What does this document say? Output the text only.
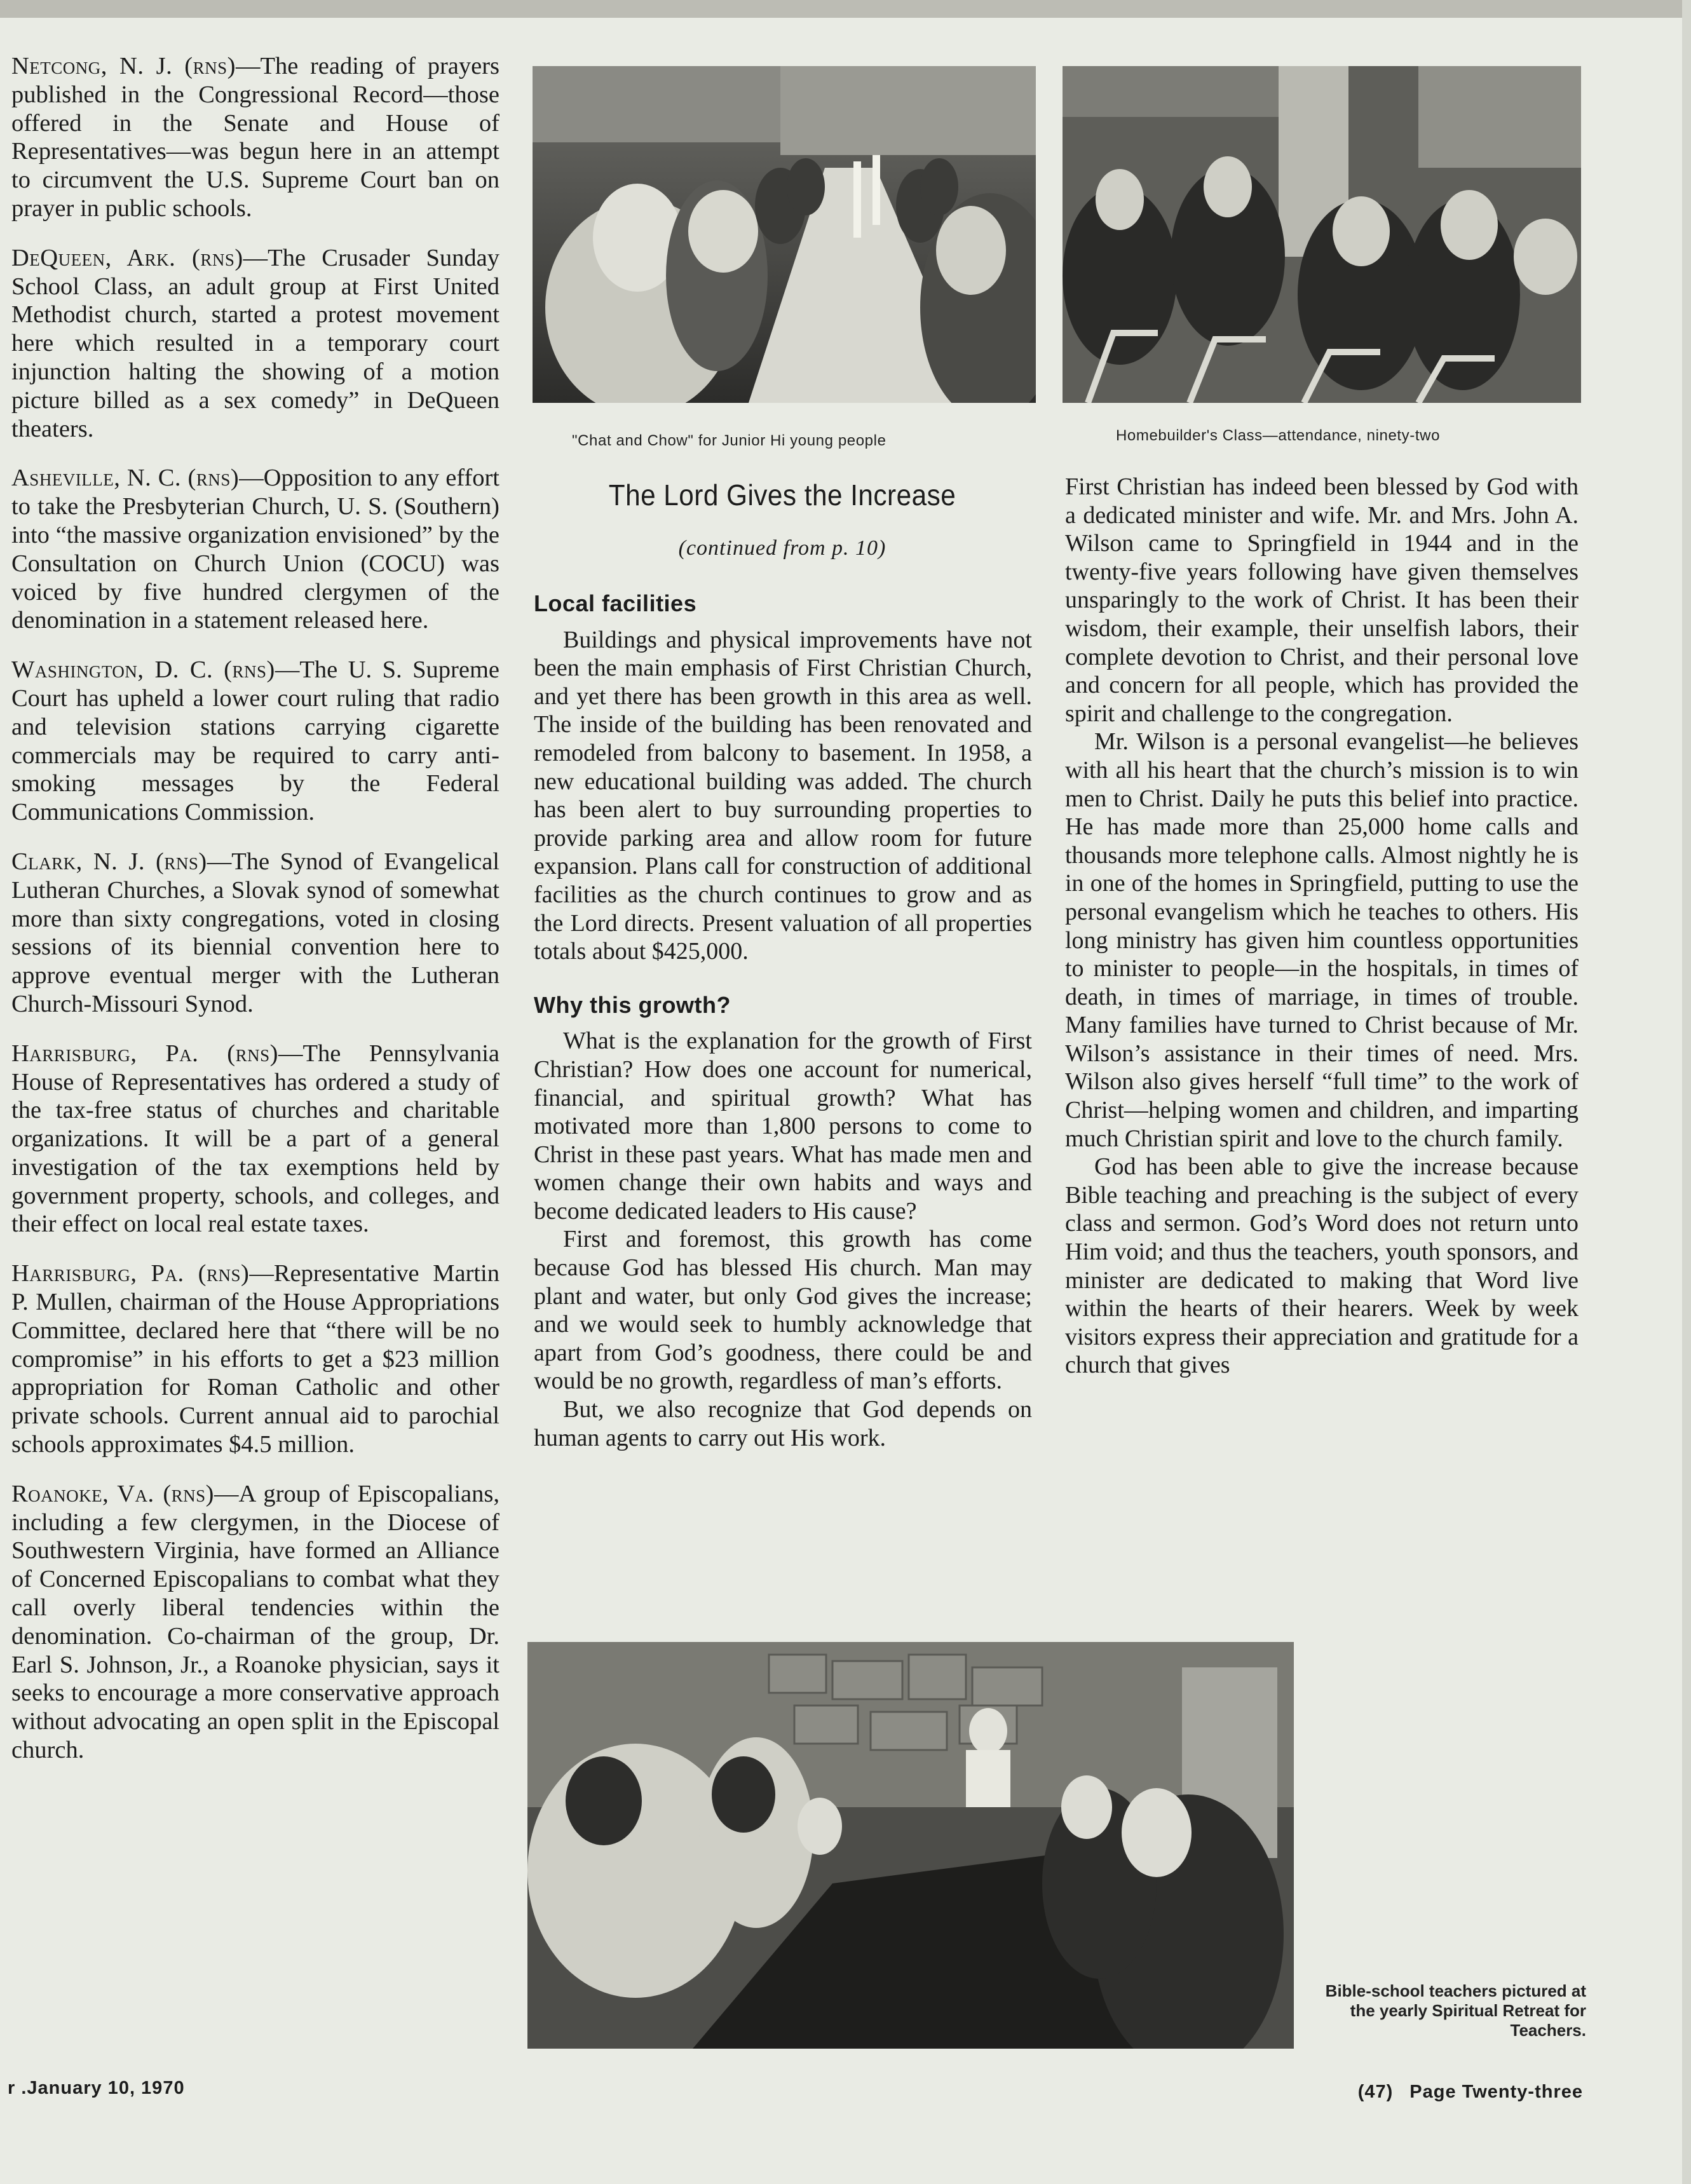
Netcong, N. J. (rns)—The reading of prayers published in the Congressional Record—those offered in the Senate and House of Representatives—was begun here in an attempt to circumvent the U.S. Supreme Court ban on prayer in public schools.

DeQueen, Ark. (rns)—The Crusader Sunday School Class, an adult group at First United Methodist church, started a protest movement here which resulted in a temporary court injunction halting the showing of a motion picture billed as a sex comedy” in DeQueen theaters.

Asheville, N. C. (rns)—Opposition to any effort to take the Presbyterian Church, U. S. (Southern) into “the massive organization envisioned” by the Consultation on Church Union (COCU) was voiced by five hundred clergymen of the denomination in a statement released here.

Washington, D. C. (rns)—The U. S. Supreme Court has upheld a lower court ruling that radio and television stations carrying cigarette commercials may be required to carry anti-smoking messages by the Federal Communications Commission.

Clark, N. J. (rns)—The Synod of Evangelical Lutheran Churches, a Slovak synod of somewhat more than sixty congregations, voted in closing sessions of its biennial convention here to approve eventual merger with the Lutheran Church-Missouri Synod.

Harrisburg, Pa. (rns)—The Pennsylvania House of Representatives has ordered a study of the tax-free status of churches and charitable organizations. It will be a part of a general investigation of the tax exemptions held by government property, schools, and colleges, and their effect on local real estate taxes.

Harrisburg, Pa. (rns)—Representative Martin P. Mullen, chairman of the House Appropriations Committee, declared here that “there will be no compromise” in his efforts to get a $23 million appropriation for Roman Catholic and other private schools. Current annual aid to parochial schools approximates $4.5 million.

Roanoke, Va. (rns)—A group of Episcopalians, including a few clergymen, in the Diocese of Southwestern Virginia, have formed an Alliance of Concerned Episcopalians to combat what they call overly liberal tendencies within the denomination. Co-chairman of the group, Dr. Earl S. Johnson, Jr., a Roanoke physician, says it seeks to encourage a more conservative approach without advocating an open split in the Episcopal church.

"Chat and Chow" for Junior Hi young people	Homebuilder's Class—attendance, ninety-two
The Lord Gives the Increase
(continued from p. 10)
Local facilities

Buildings and physical improvements have not been the main emphasis of First Christian Church, and yet there has been growth in this area as well. The inside of the building has been renovated and remodeled from balcony to basement. In 1958, a new educational building was added. The church has been alert to buy surrounding properties to provide parking area and allow room for future expansion. Plans call for construction of additional facilities as the church continues to grow and as the Lord directs. Present valuation of all properties totals about $425,000.

Why this growth?

What is the explanation for the growth of First Christian? How does one account for numerical, financial, and spiritual growth? What has motivated more than 1,800 persons to come to Christ in these past years. What has made men and women change their own habits and ways and become dedicated leaders to His cause?

First and foremost, this growth has come because God has blessed His church. Man may plant and water, but only God gives the increase; and we would seek to humbly acknowledge that apart from God’s goodness, there could be and would be no growth, regardless of man’s efforts.

But, we also recognize that God depends on human agents to carry out His work.

First Christian has indeed been blessed by God with a dedicated minister and wife. Mr. and Mrs. John A. Wilson came to Springfield in 1944 and in the twenty-five years following have given themselves unsparingly to the work of Christ. It has been their wisdom, their example, their unselfish labors, their complete devotion to Christ, and their personal love and concern for all people, which has provided the spirit and challenge to the congregation.

Mr. Wilson is a personal evangelist—he believes with all his heart that the church’s mission is to win men to Christ. Daily he puts this belief into practice. He has made more than 25,000 home calls and thousands more telephone calls. Almost nightly he is in one of the homes in Springfield, putting to use the personal evangelism which he teaches to others. His long ministry has given him countless opportunities to minister to people—in the hospitals, in times of death, in times of marriage, in times of trouble. Many families have turned to Christ because of Mr. Wilson’s assistance in their times of need. Mrs. Wilson also gives herself “full time” to the work of Christ—helping women and children, and imparting much Christian spirit and love to the church family.

God has been able to give the increase because Bible teaching and preaching is the subject of every class and sermon. God’s Word does not return unto Him void; and thus the teachers, youth sponsors, and minister are dedicated to making that Word live within the hearts of their hearers. Week by week visitors express their appreciation and gratitude for a church that gives

Bible-school teachers pictured at the yearly Spiritual Retreat for Teachers.
r .January 10, 1970	(47) Page Twenty-three
